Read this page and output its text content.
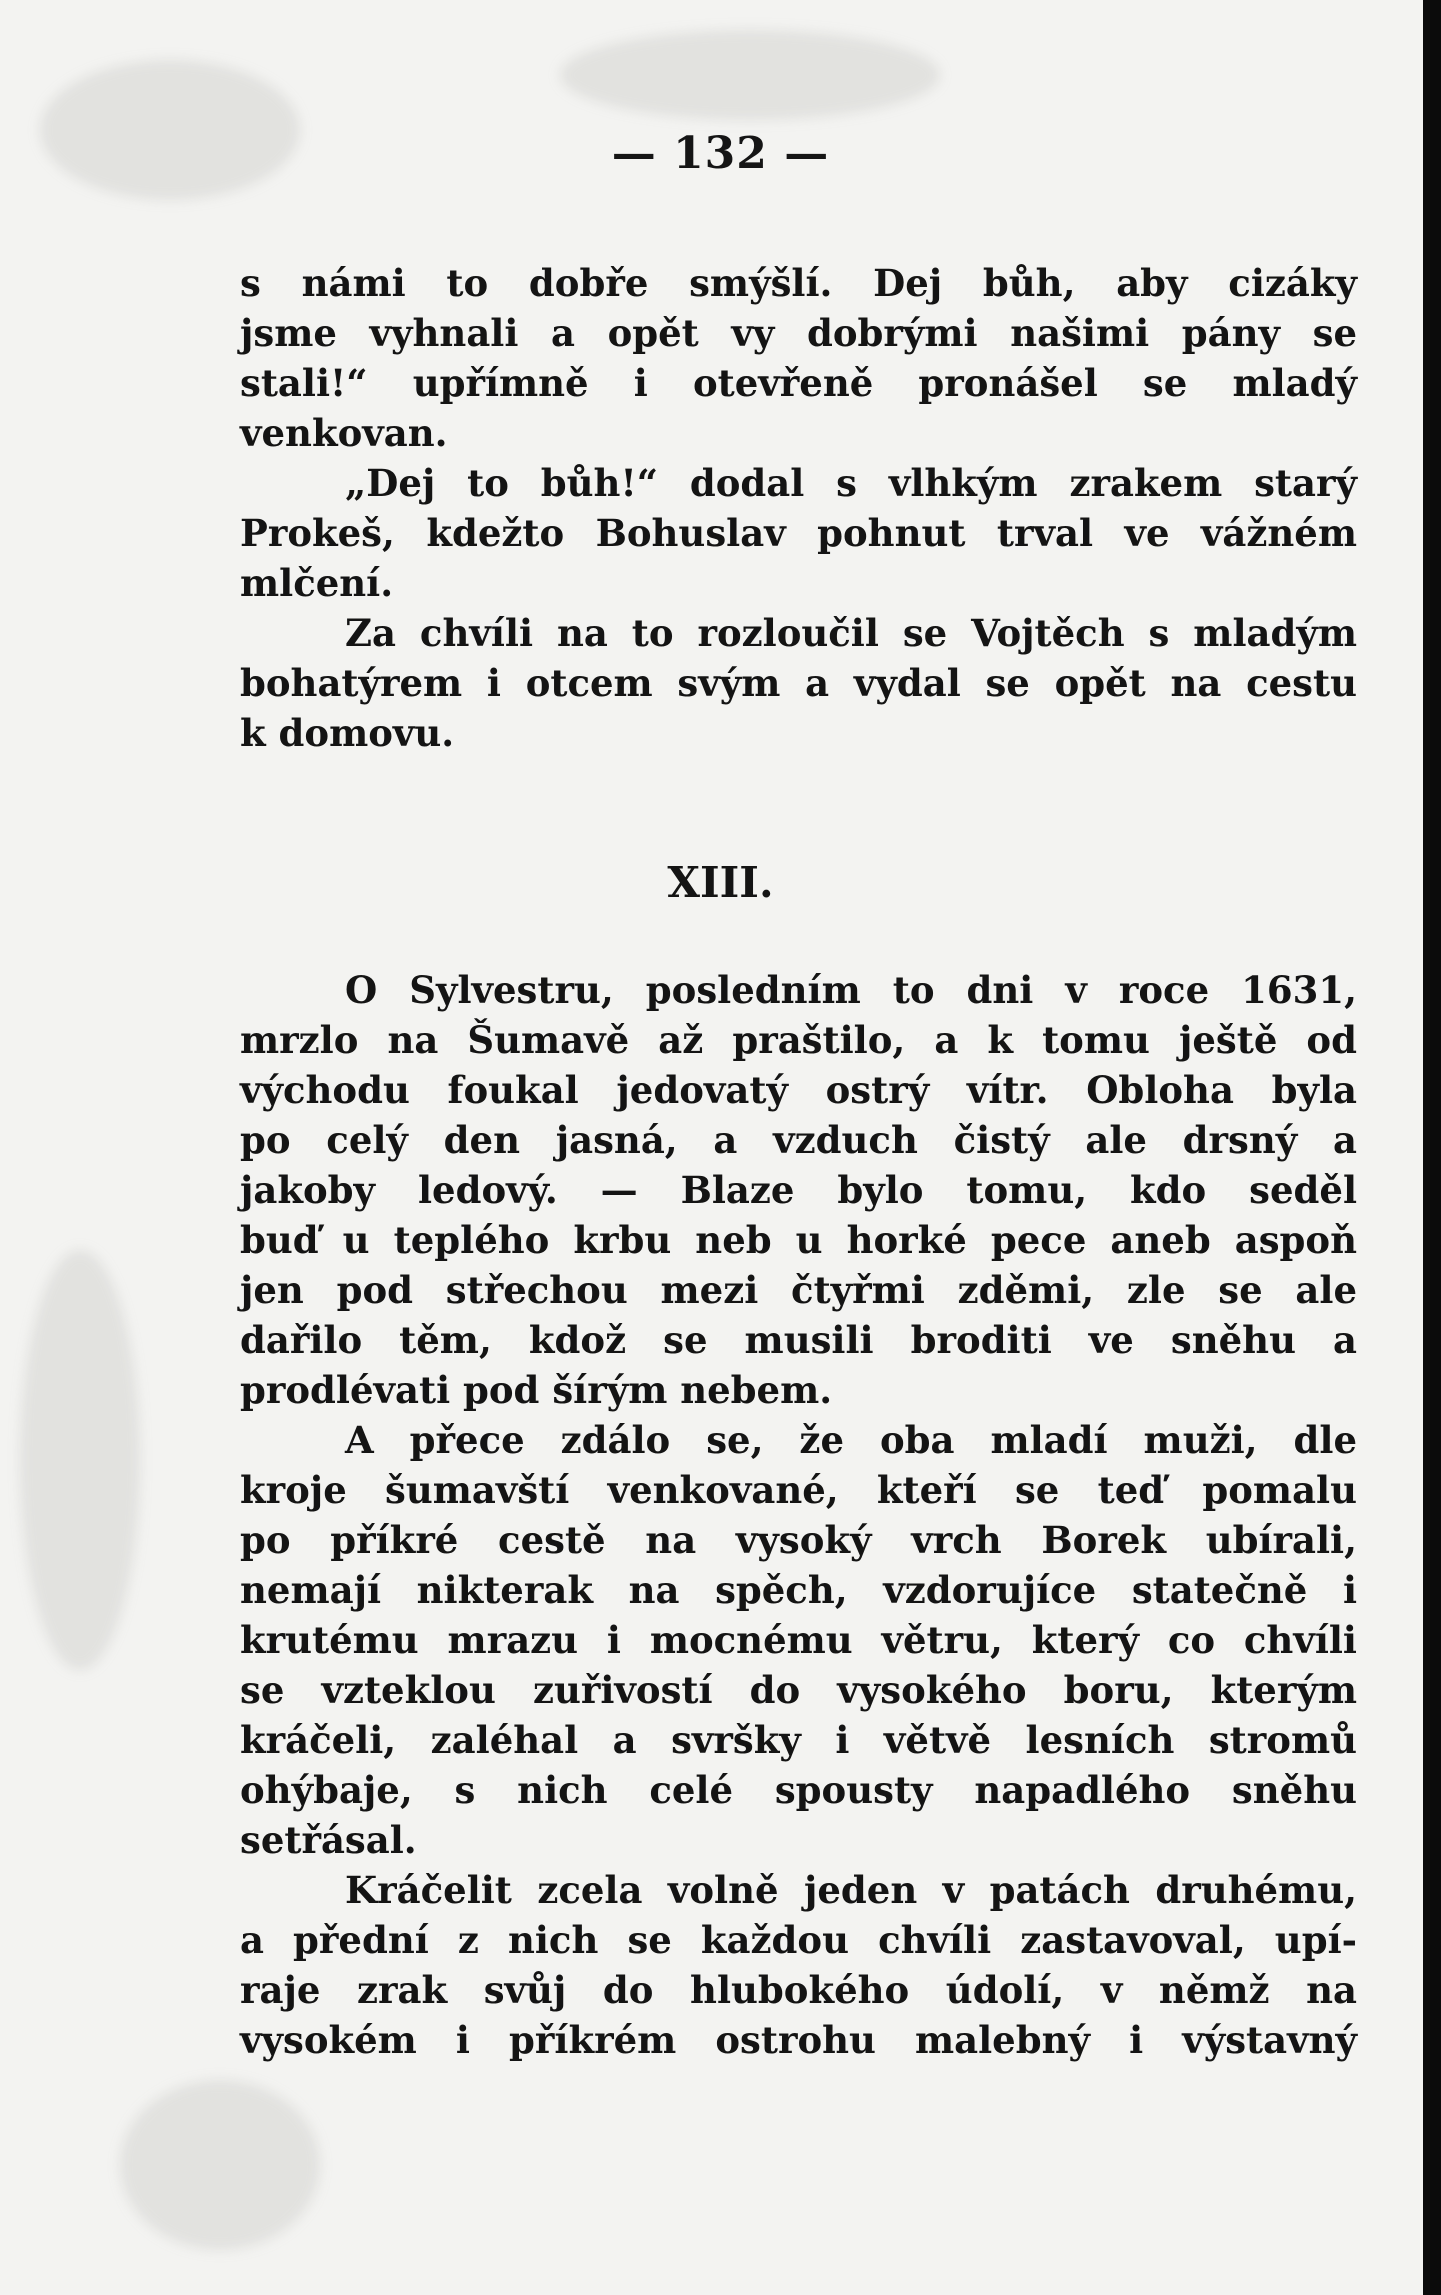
— 132 —
s námi to dobře smýšlí. Dej bůh, aby cizáky
jsme vyhnali a opět vy dobrými našimi pány se
stali!“ upřímně i otevřeně pronášel se mladý
venkovan.
„Dej to bůh!“ dodal s vlhkým zrakem starý
Prokeš, kdežto Bohuslav pohnut trval ve vážném
mlčení.
Za chvíli na to rozloučil se Vojtěch s mladým
bohatýrem i otcem svým a vydal se opět na cestu
k domovu.
XIII.
O Sylvestru, posledním to dni v roce 1631,
mrzlo na Šumavě až praštilo, a k tomu ještě od
východu foukal jedovatý ostrý vítr. Obloha byla
po celý den jasná, a vzduch čistý ale drsný a
jakoby ledový. — Blaze bylo tomu, kdo seděl
buď u teplého krbu neb u horké pece aneb aspoň
jen pod střechou mezi čtyřmi zděmi, zle se ale
dařilo těm, kdož se musili broditi ve sněhu a
prodlévati pod šírým nebem.
A přece zdálo se, že oba mladí muži, dle
kroje šumavští venkované, kteří se teď pomalu
po příkré cestě na vysoký vrch Borek ubírali,
nemají nikterak na spěch, vzdorujíce statečně i
krutému mrazu i mocnému větru, který co chvíli
se vzteklou zuřivostí do vysokého boru, kterým
kráčeli, zaléhal a svršky i větvě lesních stromů
ohýbaje, s nich celé spousty napadlého sněhu
setřásal.
Kráčelit zcela volně jeden v patách druhému,
a přední z nich se každou chvíli zastavoval, upí-
raje zrak svůj do hlubokého údolí, v němž na
vysokém i příkrém ostrohu malebný i výstavný
